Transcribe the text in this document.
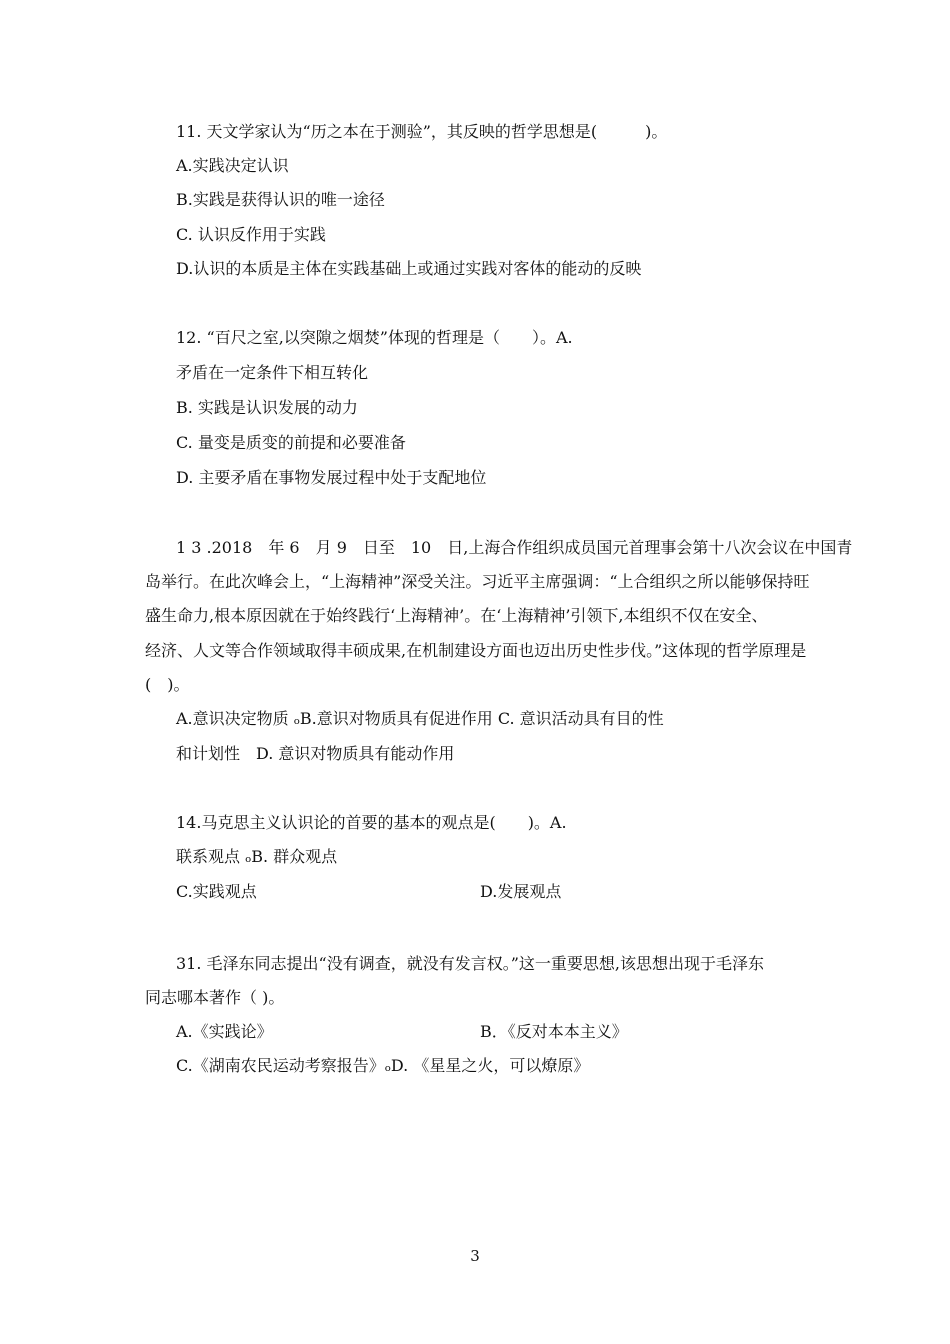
11. 天文学家认为“历之本在于测验”，其反映的哲学思想是(　　　)。
A.实践决定认识
B.实践是获得认识的唯一途径
C. 认识反作用于实践
D.认识的本质是主体在实践基础上或通过实践对客体的能动的反映
12. “百尺之室,以突隙之烟焚”体现的哲理是（　　）。A.
矛盾在一定条件下相互转化
B. 实践是认识发展的动力
C. 量变是质变的前提和必要准备
D. 主要矛盾在事物发展过程中处于支配地位
1 3 .2018　年 6　月 9　日至　10　日,上海合作组织成员国元首理事会第十八次会议在中国青
岛举行。在此次峰会上，“上海精神”深受关注。习近平主席强调：“上合组织之所以能够保持旺
盛生命力,根本原因就在于始终践行‘上海精神’。在‘上海精神’引领下,本组织不仅在安全、
经济、人文等合作领域取得丰硕成果,在机制建设方面也迈出历史性步伐。”这体现的哲学原理是
(　)。
A.意识决定物质 ₒB.意识对物质具有促进作用 C. 意识活动具有目的性
和计划性　D. 意识对物质具有能动作用
14.马克思主义认识论的首要的基本的观点是(　　)。A.
联系观点 ₒB. 群众观点
C.实践观点	D.发展观点
31. 毛泽东同志提出“没有调查，就没有发言权。”这一重要思想,该思想出现于毛泽东
同志哪本著作（ )。
A.《实践论》	B．《反对本本主义》
C.《湖南农民运动考察报告》ₒD. 《星星之火，可以燎原》
3
